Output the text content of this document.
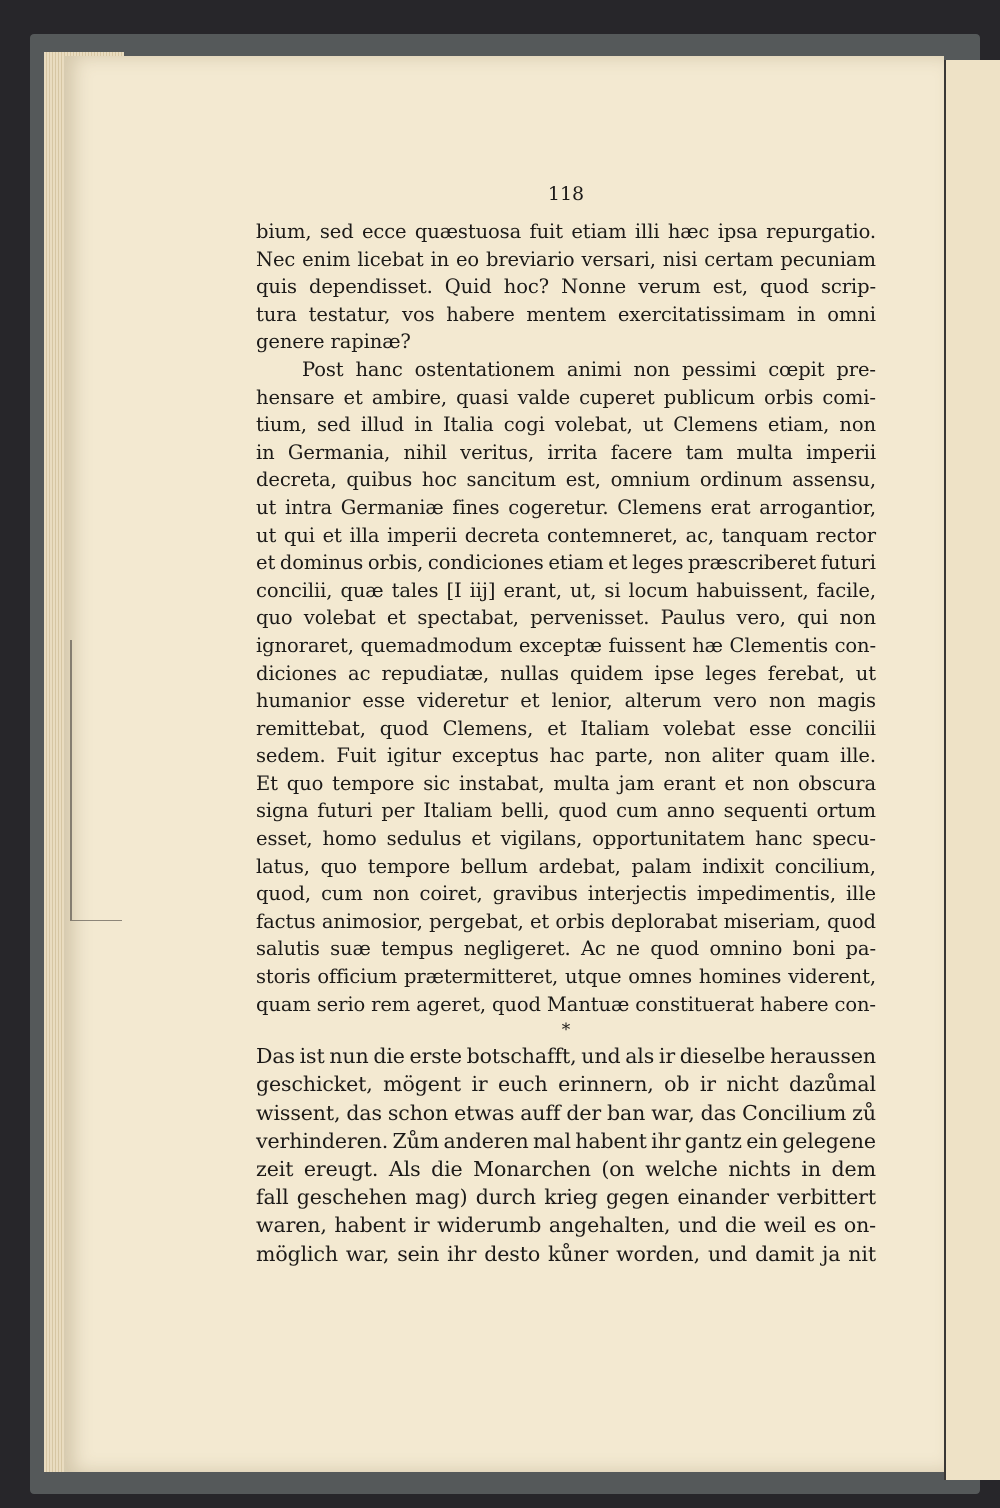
118
bium, sed ecce quæstuosa fuit etiam illi hæc ipsa repurgatio.
Nec enim licebat in eo breviario versari, nisi certam pecuniam
quis dependisset. Quid hoc? Nonne verum est, quod scrip-
tura testatur, vos habere mentem exercitatissimam in omni
genere rapinæ?
Post hanc ostentationem animi non pessimi cœpit pre-
hensare et ambire, quasi valde cuperet publicum orbis comi-
tium, sed illud in Italia cogi volebat, ut Clemens etiam, non
in Germania, nihil veritus, irrita facere tam multa imperii
decreta, quibus hoc sancitum est, omnium ordinum assensu,
ut intra Germaniæ fines cogeretur. Clemens erat arrogantior,
ut qui et illa imperii decreta contemneret, ac, tanquam rector
et dominus orbis, condiciones etiam et leges præscriberet futuri
concilii, quæ tales [I iij] erant, ut, si locum habuissent, facile,
quo volebat et spectabat, pervenisset. Paulus vero, qui non
ignoraret, quemadmodum exceptæ fuissent hæ Clementis con-
diciones ac repudiatæ, nullas quidem ipse leges ferebat, ut
humanior esse videretur et lenior, alterum vero non magis
remittebat, quod Clemens, et Italiam volebat esse concilii
sedem. Fuit igitur exceptus hac parte, non aliter quam ille.
Et quo tempore sic instabat, multa jam erant et non obscura
signa futuri per Italiam belli, quod cum anno sequenti ortum
esset, homo sedulus et vigilans, opportunitatem hanc specu-
latus, quo tempore bellum ardebat, palam indixit concilium,
quod, cum non coiret, gravibus interjectis impedimentis, ille
factus animosior, pergebat, et orbis deplorabat miseriam, quod
salutis suæ tempus negligeret. Ac ne quod omnino boni pa-
storis officium prætermitteret, utque omnes homines viderent,
quam serio rem ageret, quod Mantuæ constituerat habere con-
*
Das ist nun die erste botschafft, und als ir dieselbe heraussen
geschicket, mögent ir euch erinnern, ob ir nicht dazůmal
wissent, das schon etwas auff der ban war, das Concilium zů
verhinderen. Zům anderen mal habent ihr gantz ein gelegene
zeit ereugt. Als die Monarchen (on welche nichts in dem
fall geschehen mag) durch krieg gegen einander verbittert
waren, habent ir widerumb angehalten, und die weil es on-
möglich war, sein ihr desto kůner worden, und damit ja nit
